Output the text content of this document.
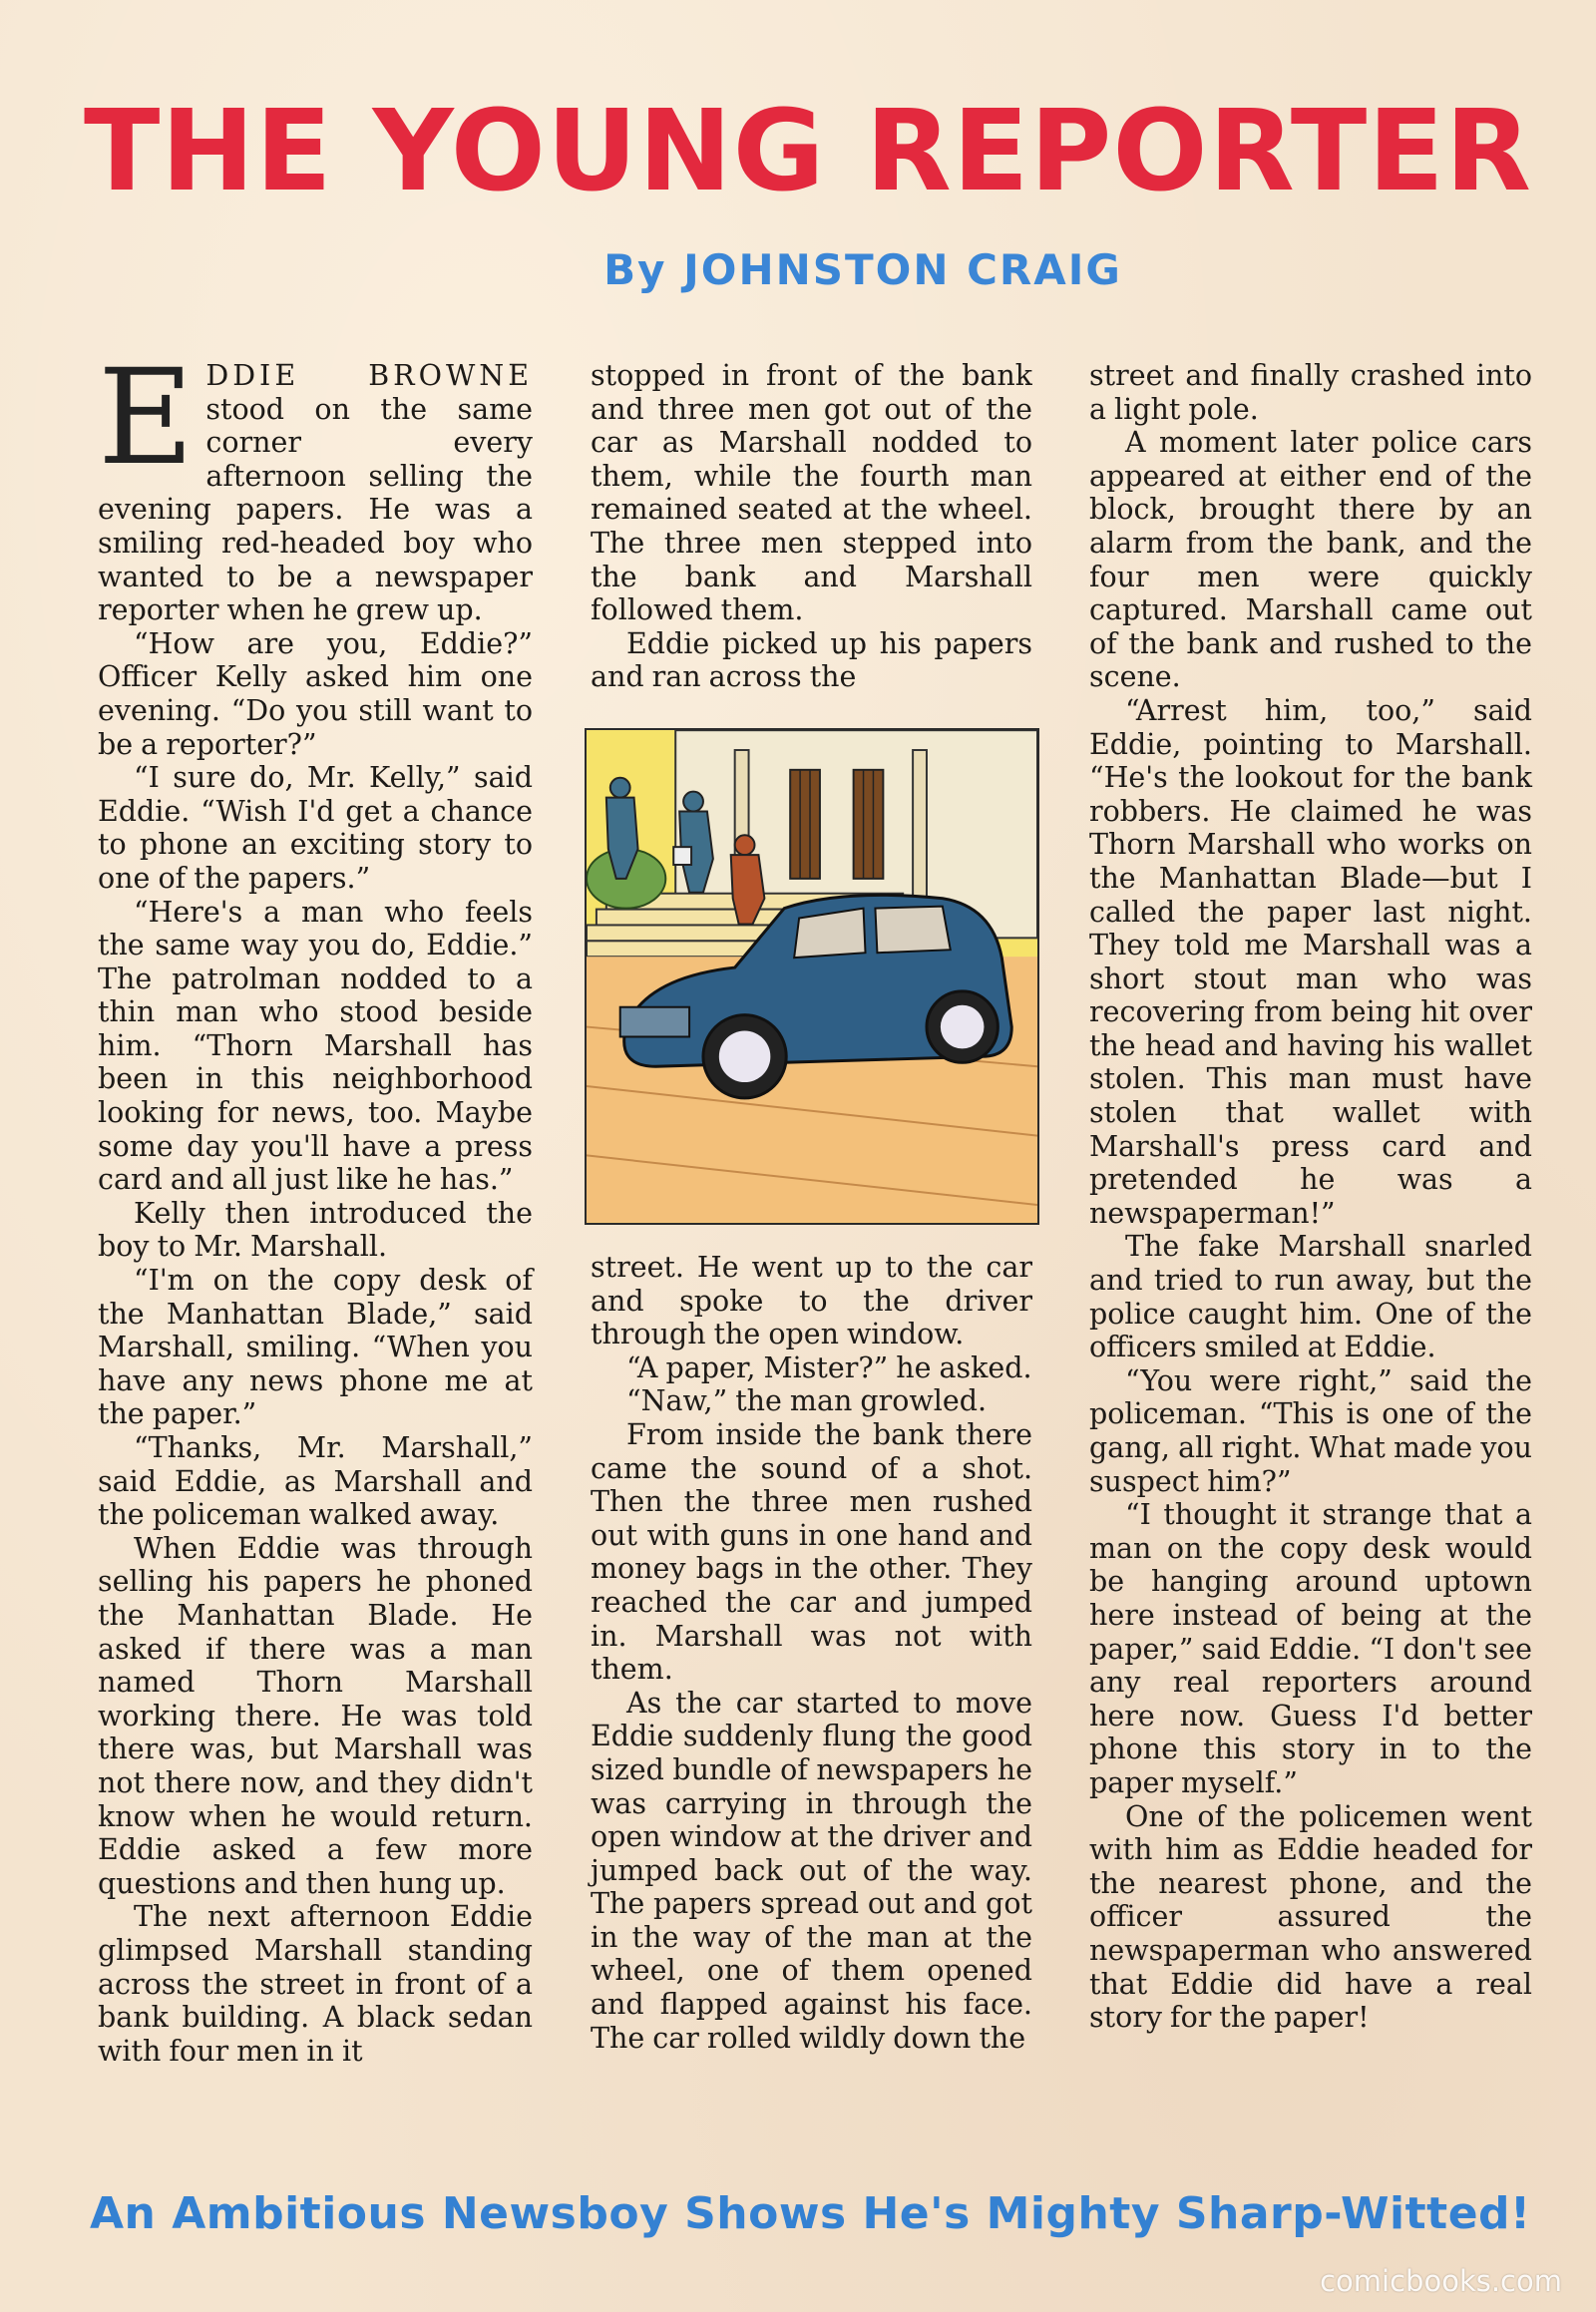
THE YOUNG REPORTER
By JOHNSTON CRAIG

EDDIE BROWNE stood on the same corner every afternoon selling the evening papers. He was a smiling red-headed boy who wanted to be a newspaper reporter when he grew up.

“How are you, Eddie?” Officer Kelly asked him one evening. “Do you still want to be a reporter?”

“I sure do, Mr. Kelly,” said Eddie. “Wish I'd get a chance to phone an exciting story to one of the papers.”

“Here's a man who feels the same way you do, Eddie.” The patrolman nodded to a thin man who stood beside him. “Thorn Marshall has been in this neighborhood looking for news, too. Maybe some day you'll have a press card and all just like he has.”

Kelly then introduced the boy to Mr. Marshall.

“I'm on the copy desk of the Manhattan Blade,” said Marshall, smiling. “When you have any news phone me at the paper.”

“Thanks, Mr. Marshall,” said Eddie, as Marshall and the policeman walked away.

When Eddie was through selling his papers he phoned the Manhattan Blade. He asked if there was a man named Thorn Marshall working there. He was told there was, but Marshall was not there now, and they didn't know when he would return. Eddie asked a few more questions and then hung up.

The next afternoon Eddie glimpsed Marshall standing across the street in front of a bank building. A black sedan with four men in it

stopped in front of the bank and three men got out of the car as Marshall nodded to them, while the fourth man remained seated at the wheel. The three men stepped into the bank and Marshall followed them.

Eddie picked up his papers and ran across the

street. He went up to the car and spoke to the driver through the open window.

“A paper, Mister?” he asked.

“Naw,” the man growled.

From inside the bank there came the sound of a shot. Then the three men rushed out with guns in one hand and money bags in the other. They reached the car and jumped in. Marshall was not with them.

As the car started to move Eddie suddenly flung the good sized bundle of newspapers he was carrying in through the open window at the driver and jumped back out of the way. The papers spread out and got in the way of the man at the wheel, one of them opened and flapped against his face. The car rolled wildly down the

street and finally crashed into a light pole.

A moment later police cars appeared at either end of the block, brought there by an alarm from the bank, and the four men were quickly captured. Marshall came out of the bank and rushed to the scene.

“Arrest him, too,” said Eddie, pointing to Marshall. “He's the lookout for the bank robbers. He claimed he was Thorn Marshall who works on the Manhattan Blade—but I called the paper last night. They told me Marshall was a short stout man who was recovering from being hit over the head and having his wallet stolen. This man must have stolen that wallet with Marshall's press card and pretended he was a newspaperman!”

The fake Marshall snarled and tried to run away, but the police caught him. One of the officers smiled at Eddie.

“You were right,” said the policeman. “This is one of the gang, all right. What made you suspect him?”

“I thought it strange that a man on the copy desk would be hanging around uptown here instead of being at the paper,” said Eddie. “I don't see any real reporters around here now. Guess I'd better phone this story in to the paper myself.”

One of the policemen went with him as Eddie headed for the nearest phone, and the officer assured the newspaperman who answered that Eddie did have a real story for the paper!

An Ambitious Newsboy Shows He's Mighty Sharp-Witted!
comicbooks.com
